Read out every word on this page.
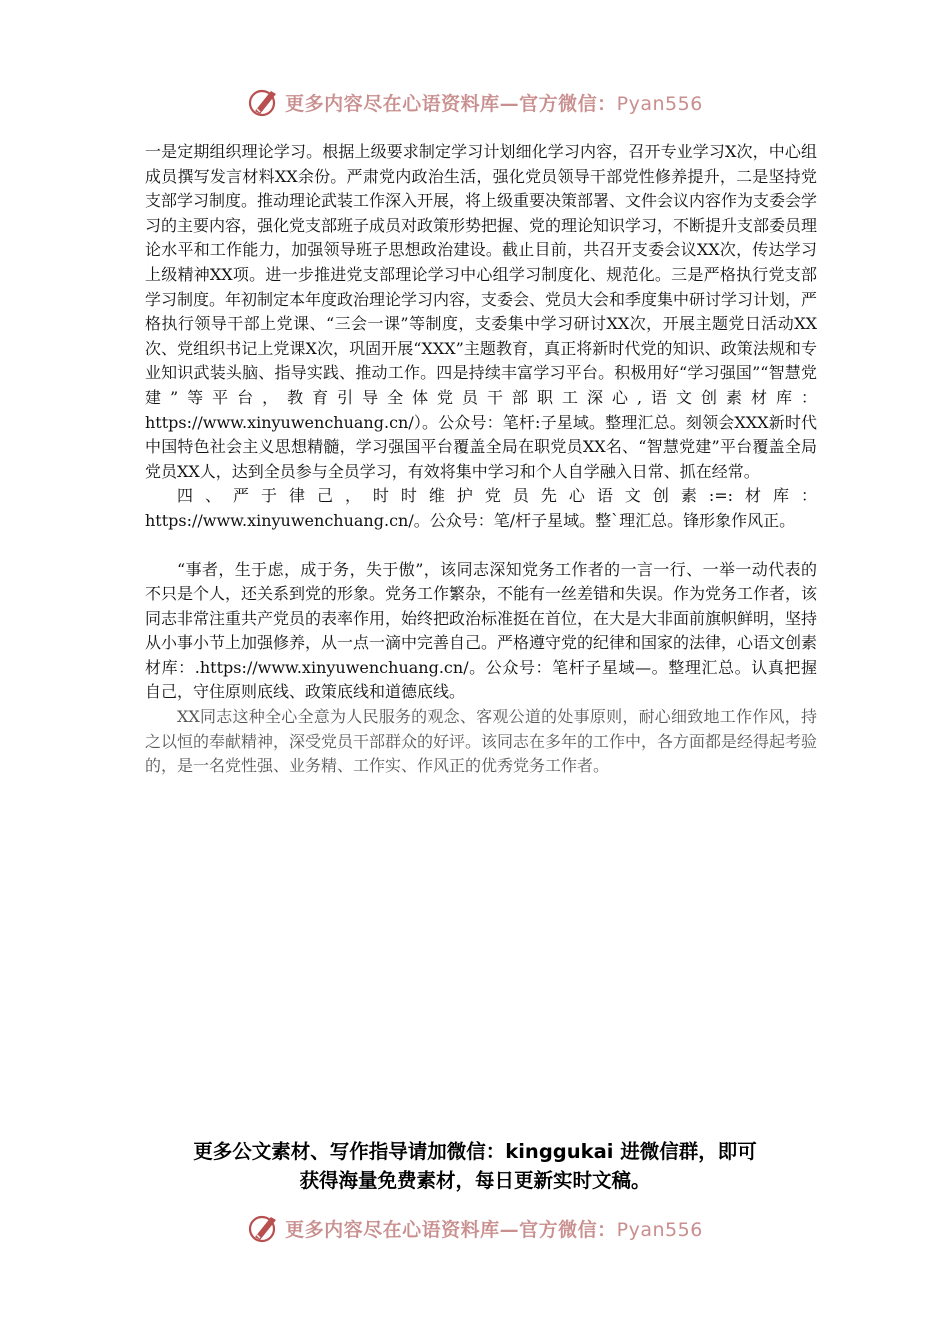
更多内容尽在心语资料库—官方微信：Pyan556

一是定期组织理论学习。根据上级要求制定学习计划细化学习内容，召开专业学习X次，中心组成员撰写发言材料XX余份。严肃党内政治生活，强化党员领导干部党性修养提升，二是坚持党支部学习制度。推动理论武装工作深入开展，将上级重要决策部署、文件会议内容作为支委会学习的主要内容，强化党支部班子成员对政策形势把握、党的理论知识学习，不断提升支部委员理论水平和工作能力，加强领导班子思想政治建设。截止目前，共召开支委会议XX次，传达学习上级精神XX项。进一步推进党支部理论学习中心组学习制度化、规范化。三是严格执行党支部学习制度。年初制定本年度政治理论学习内容，支委会、党员大会和季度集中研讨学习计划，严格执行领导干部上党课、“三会一课”等制度，支委集中学习研讨XX次，开展主题党日活动XX次、党组织书记上党课X次，巩固开展“XXX”主题教育，真正将新时代党的知识、政策法规和专业知识武装头脑、指导实践、推动工作。四是持续丰富学习平台。积极用好“学习强国”“智慧党建”等平台，教育引导全体党员干部职工深心,语文创素材库：https://www.xinyuwenchuang.cn/）。公众号：笔杆:子星域。整理汇总。刻领会XXX新时代中国特色社会主义思想精髓，学习强国平台覆盖全局在职党员XX名、“智慧党建”平台覆盖全局党员XX人，达到全员参与全员学习，有效将集中学习和个人自学融入日常、抓在经常。

四、严于律己，时时维护党员先心语文创素:=:材库：https://www.xinyuwenchuang.cn/。公众号：笔/杆子星域。整`理汇总。锋形象作风正。

“事者，生于虑，成于务，失于傲”，该同志深知党务工作者的一言一行、一举一动代表的不只是个人，还关系到党的形象。党务工作繁杂，不能有一丝差错和失误。作为党务工作者，该同志非常注重共产党员的表率作用，始终把政治标准挺在首位，在大是大非面前旗帜鲜明，坚持从小事小节上加强修养，从一点一滴中完善自己。严格遵守党的纪律和国家的法律，心语文创素材库：.https://www.xinyuwenchuang.cn/。公众号：笔杆子星域—。整理汇总。认真把握自己，守住原则底线、政策底线和道德底线。

XX同志这种全心全意为人民服务的观念、客观公道的处事原则，耐心细致地工作作风，持之以恒的奉献精神，深受党员干部群众的好评。该同志在多年的工作中，各方面都是经得起考验的，是一名党性强、业务精、工作实、作风正的优秀党务工作者。

更多公文素材、写作指导请加微信：kinggukai 进微信群，即可
获得海量免费素材，每日更新实时文稿。
更多内容尽在心语资料库—官方微信：Pyan556
